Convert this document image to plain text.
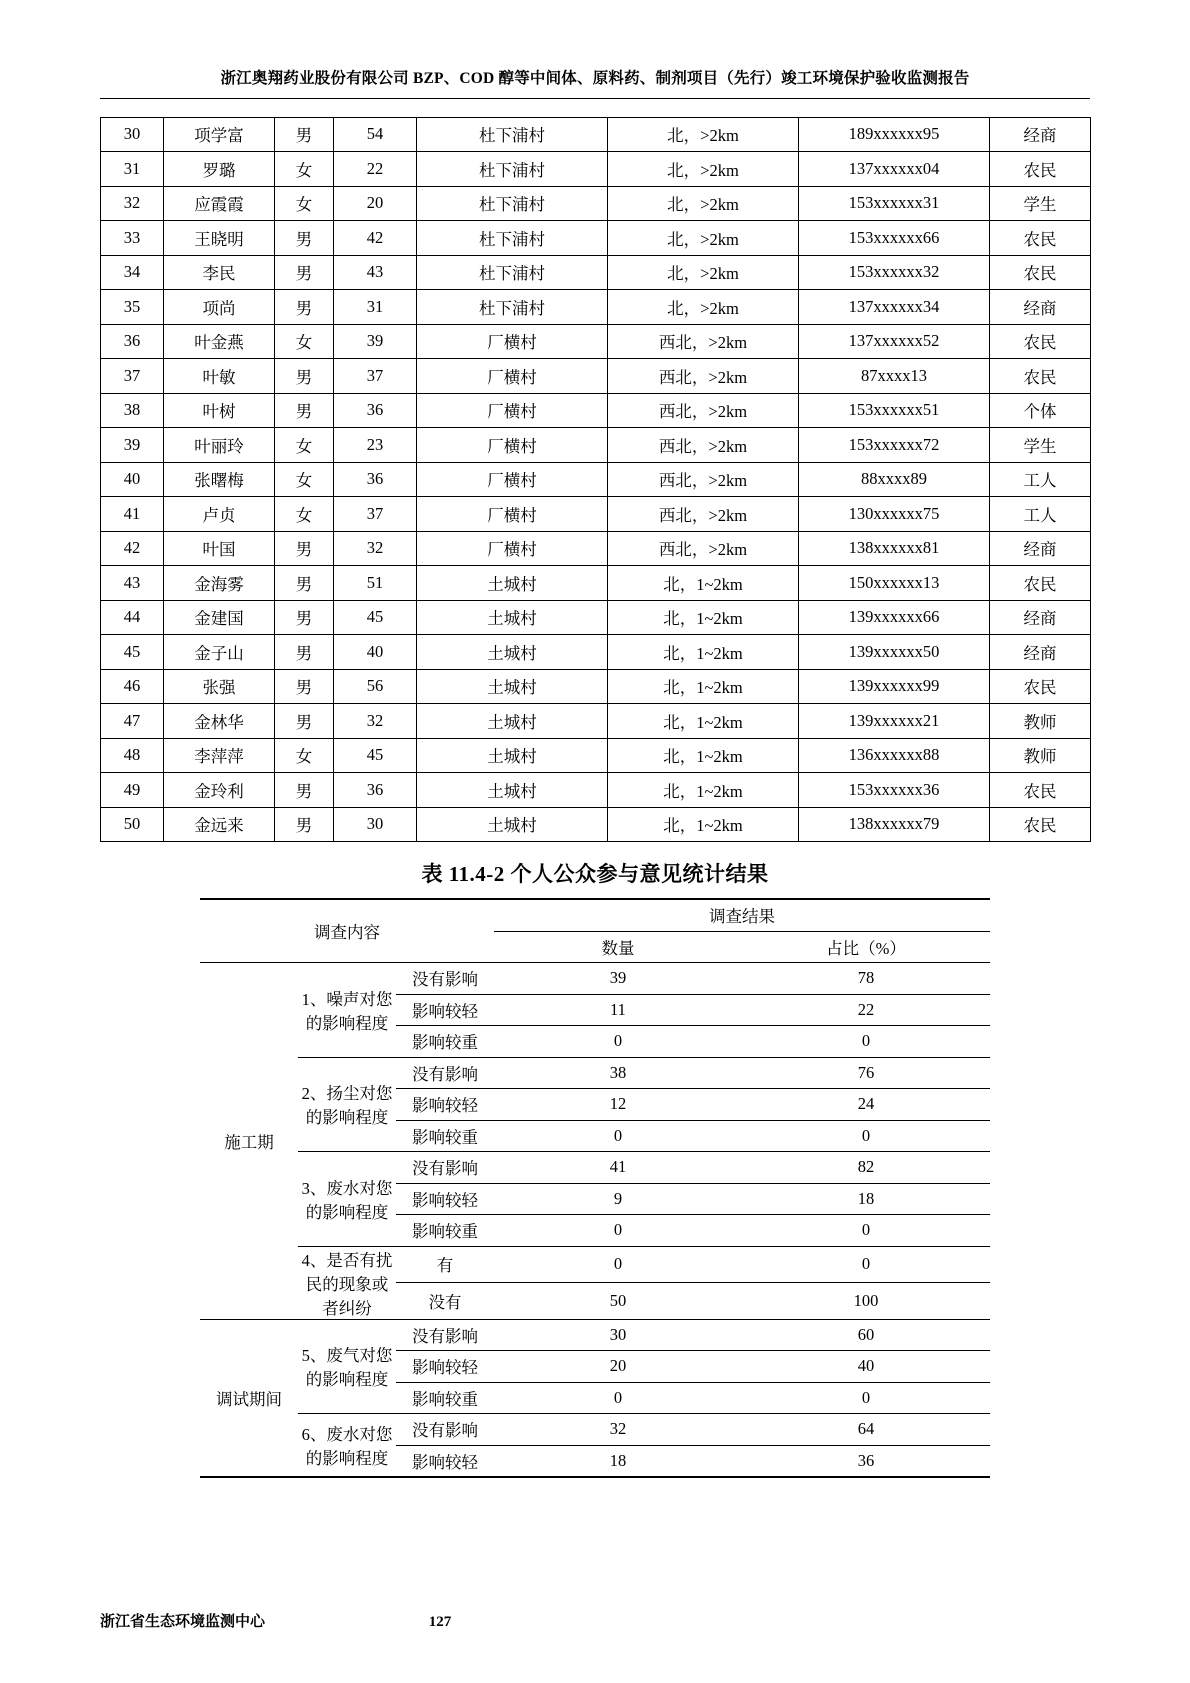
浙江奥翔药业股份有限公司 BZP、COD 醇等中间体、原料药、制剂项目（先行）竣工环境保护验收监测报告
30	项学富	男	54	杜下浦村	北，>2km	189xxxxxx95	经商
31	罗璐	女	22	杜下浦村	北，>2km	137xxxxxx04	农民
32	应霞霞	女	20	杜下浦村	北，>2km	153xxxxxx31	学生
33	王晓明	男	42	杜下浦村	北，>2km	153xxxxxx66	农民
34	李民	男	43	杜下浦村	北，>2km	153xxxxxx32	农民
35	项尚	男	31	杜下浦村	北，>2km	137xxxxxx34	经商
36	叶金燕	女	39	厂横村	西北，>2km	137xxxxxx52	农民
37	叶敏	男	37	厂横村	西北，>2km	87xxxx13	农民
38	叶树	男	36	厂横村	西北，>2km	153xxxxxx51	个体
39	叶丽玲	女	23	厂横村	西北，>2km	153xxxxxx72	学生
40	张曙梅	女	36	厂横村	西北，>2km	88xxxx89	工人
41	卢贞	女	37	厂横村	西北，>2km	130xxxxxx75	工人
42	叶国	男	32	厂横村	西北，>2km	138xxxxxx81	经商
43	金海雾	男	51	土城村	北，1~2km	150xxxxxx13	农民
44	金建国	男	45	土城村	北，1~2km	139xxxxxx66	经商
45	金子山	男	40	土城村	北，1~2km	139xxxxxx50	经商
46	张强	男	56	土城村	北，1~2km	139xxxxxx99	农民
47	金林华	男	32	土城村	北，1~2km	139xxxxxx21	教师
48	李萍萍	女	45	土城村	北，1~2km	136xxxxxx88	教师
49	金玲利	男	36	土城村	北，1~2km	153xxxxxx36	农民
50	金远来	男	30	土城村	北，1~2km	138xxxxxx79	农民
表 11.4-2 个人公众参与意见统计结果
调查内容			调查结果	
			数量	占比（%）
施工期	1、噪声对您的影响程度	没有影响	39	78
		影响较轻	11	22
		影响较重	0	0
	2、扬尘对您的影响程度	没有影响	38	76
		影响较轻	12	24
		影响较重	0	0
	3、废水对您的影响程度	没有影响	41	82
		影响较轻	9	18
		影响较重	0	0
	4、是否有扰民的现象或者纠纷	有	0	0
		没有	50	100
调试期间	5、废气对您的影响程度	没有影响	30	60
		影响较轻	20	40
		影响较重	0	0
	6、废水对您的影响程度	没有影响	32	64
		影响较轻	18	36
浙江省生态环境监测中心	127
